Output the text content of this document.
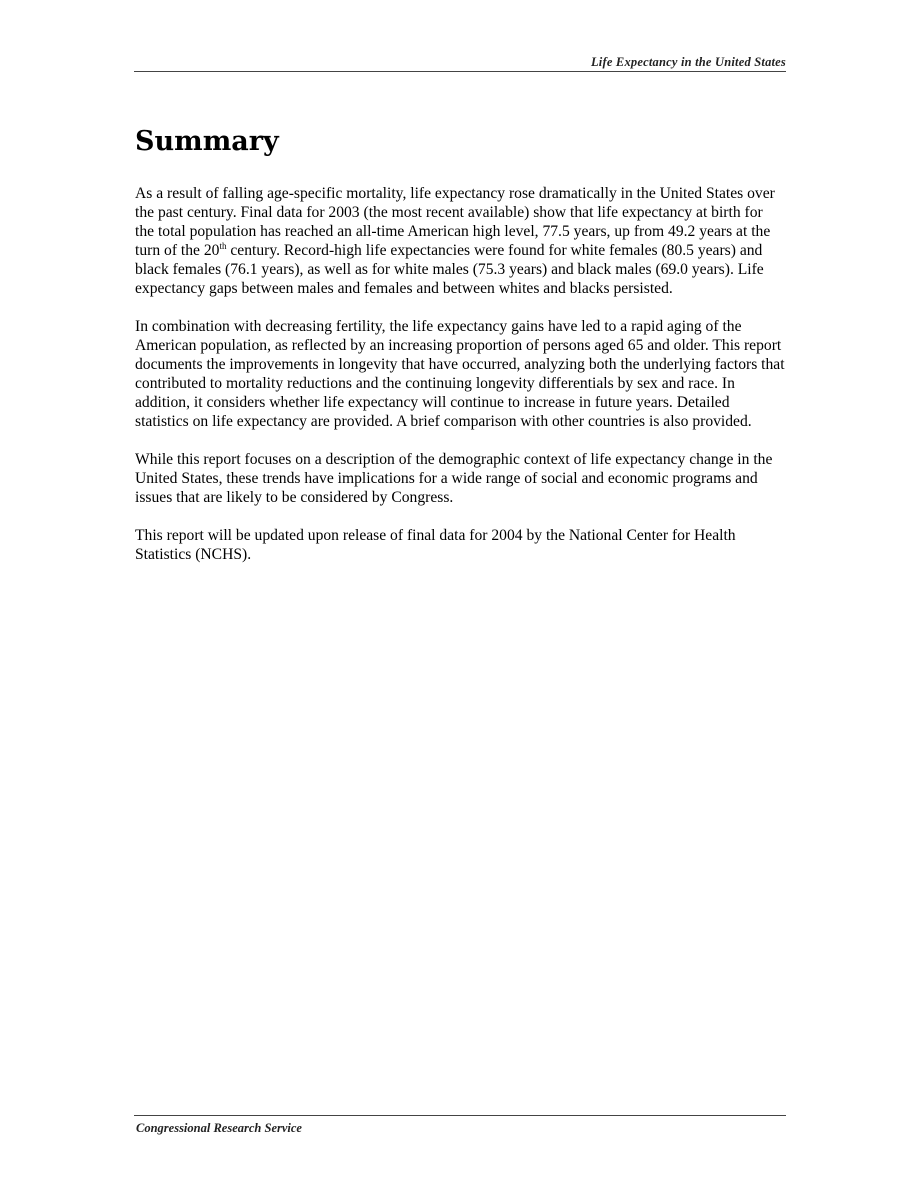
Life Expectancy in the United States
Summary

As a result of falling age-specific mortality, life expectancy rose dramatically in the United States over the past century. Final data for 2003 (the most recent available) show that life expectancy at birth for the total population has reached an all-time American high level, 77.5 years, up from 49.2 years at the turn of the 20th century. Record-high life expectancies were found for white females (80.5 years) and black females (76.1 years), as well as for white males (75.3 years) and black males (69.0 years). Life expectancy gaps between males and females and between whites and blacks persisted.

In combination with decreasing fertility, the life expectancy gains have led to a rapid aging of the American population, as reflected by an increasing proportion of persons aged 65 and older. This report documents the improvements in longevity that have occurred, analyzing both the underlying factors that contributed to mortality reductions and the continuing longevity differentials by sex and race. In addition, it considers whether life expectancy will continue to increase in future years. Detailed statistics on life expectancy are provided. A brief comparison with other countries is also provided.

While this report focuses on a description of the demographic context of life expectancy change in the United States, these trends have implications for a wide range of social and economic programs and issues that are likely to be considered by Congress.

This report will be updated upon release of final data for 2004 by the National Center for Health Statistics (NCHS).

Congressional Research Service
